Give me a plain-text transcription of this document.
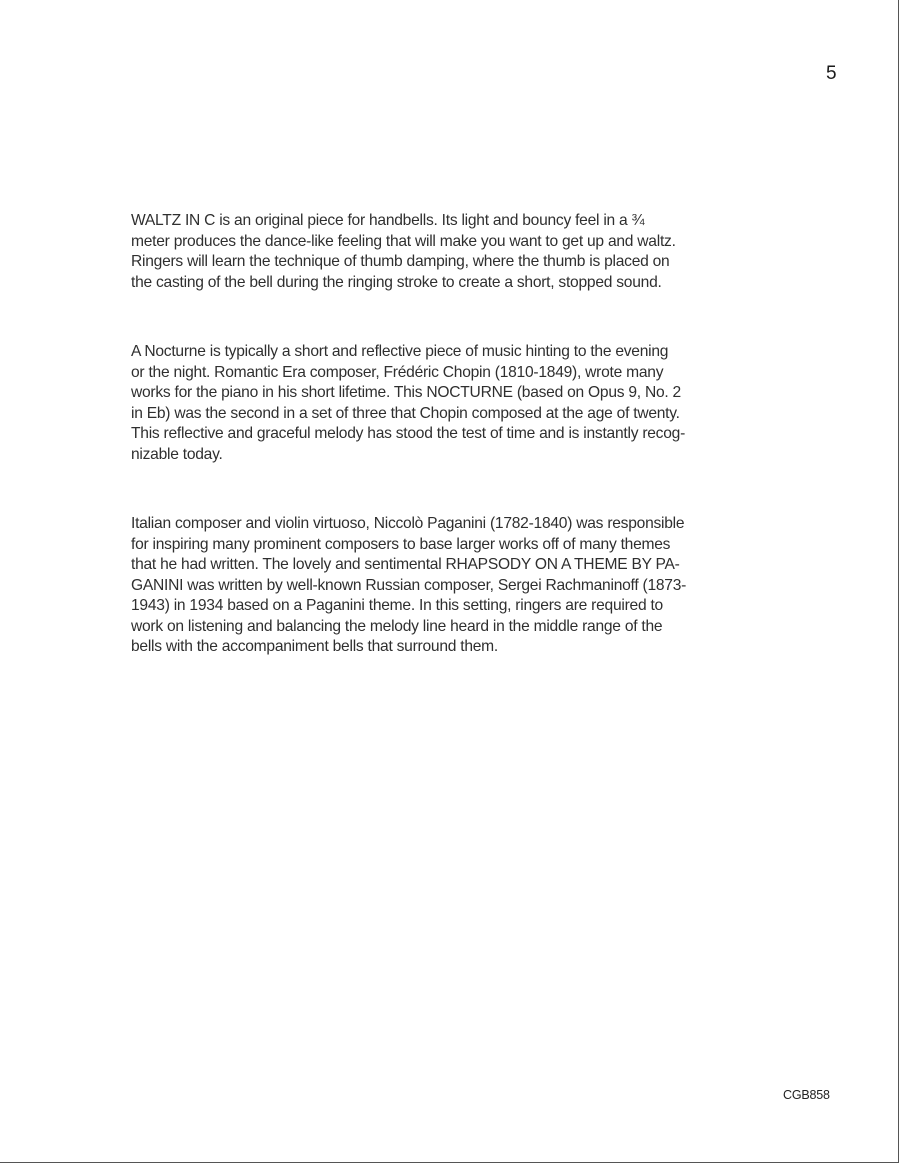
5
WALTZ IN C is an original piece for handbells. Its light and bouncy feel in a ¾
meter produces the dance-like feeling that will make you want to get up and waltz.
Ringers will learn the technique of thumb damping, where the thumb is placed on
the casting of the bell during the ringing stroke to create a short, stopped sound.
A Nocturne is typically a short and reflective piece of music hinting to the evening
or the night. Romantic Era composer, Frédéric Chopin (1810-1849), wrote many
works for the piano in his short lifetime. This NOCTURNE (based on Opus 9, No. 2
in Eb) was the second in a set of three that Chopin composed at the age of twenty.
This reflective and graceful melody has stood the test of time and is instantly recog-
nizable today.
Italian composer and violin virtuoso, Niccolò Paganini (1782-1840) was responsible
for inspiring many prominent composers to base larger works off of many themes
that he had written. The lovely and sentimental RHAPSODY ON A THEME BY PA-
GANINI was written by well-known Russian composer, Sergei Rachmaninoff (1873-
1943) in 1934 based on a Paganini theme. In this setting, ringers are required to
work on listening and balancing the melody line heard in the middle range of the
bells with the accompaniment bells that surround them.
CGB858
